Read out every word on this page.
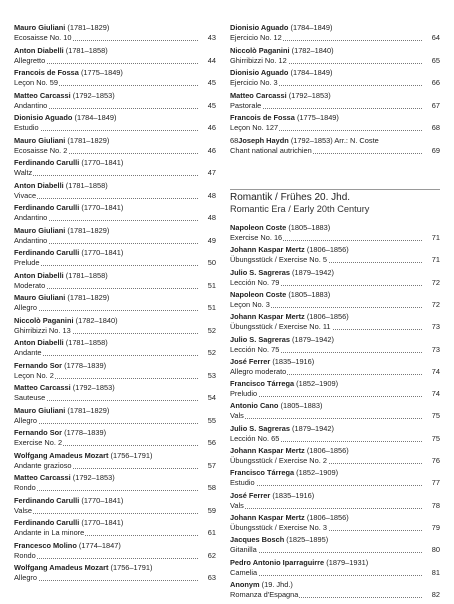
Mauro Giuliani (1781–1829)
Ecosaisse No. 10	43
Anton Diabelli (1781–1858)
Allegretto	44
Francois de Fossa (1775–1849)
Leçon No. 59	45
Matteo Carcassi (1792–1853)
Andantino	45
Dionisio Aguado (1784–1849)
Estudio	46
Mauro Giuliani (1781–1829)
Ecosaisse No. 2	46
Ferdinando Carulli (1770–1841)
Waltz	47
Anton Diabelli (1781–1858)
Vivace	48
Ferdinando Carulli (1770–1841)
Andantino	48
Mauro Giuliani (1781–1829)
Andantino	49
Ferdinando Carulli (1770–1841)
Prelude	50
Anton Diabelli (1781–1858)
Moderato	51
Mauro Giuliani (1781–1829)
Allegro	51
Niccolò Paganini (1782–1840)
Ghirribizzi No. 13	52
Anton Diabelli (1781–1858)
Andante	52
Fernando Sor (1778–1839)
Leçon No. 2	53
Matteo Carcassi (1792–1853)
Sauteuse	54
Mauro Giuliani (1781–1829)
Allegro	55
Fernando Sor (1778–1839)
Exercise No. 2	56
Wolfgang Amadeus Mozart (1756–1791)
Andante grazioso	57
Matteo Carcassi (1792–1853)
Rondo	58
Ferdinando Carulli (1770–1841)
Valse	59
Ferdinando Carulli (1770–1841)
Andante in La minore	61
Francesco Molino (1774–1847)
Rondo	62
Wolfgang Amadeus Mozart (1756–1791)
Allegro	63
Romantik / Frühes 20. Jhd.
Romantic Era / Early 20th Century
Dionisio Aguado (1784–1849)
Ejercicio No. 12	64
Niccolò Paganini (1782–1840)
Ghirribizzi No. 12	65
Dionisio Aguado (1784–1849)
Ejercicio No. 3	66
Matteo Carcassi (1792–1853)
Pastorale	67
Francois de Fossa (1775–1849)
Leçon No. 127	68
68Joseph Haydn (1792–1853) Arr.: N. Coste
Chant national autrichien	69
Napoleon Coste (1805–1883)
Exercise No. 16	71
Johann Kaspar Mertz (1806–1856)
Übungsstück / Exercise No. 5	71
Julio S. Sagreras (1879–1942)
Lección No. 79	72
Napoleon Coste (1805–1883)
Leçon No. 3	72
Johann Kaspar Mertz (1806–1856)
Übungsstück / Exercise No. 11	73
Julio S. Sagreras (1879–1942)
Lección No. 75	73
José Ferrer (1835–1916)
Allegro moderato	74
Francisco Tárrega (1852–1909)
Preludio	74
Antonio Cano (1805–1883)
Vals	75
Julio S. Sagreras (1879–1942)
Lección No. 65	75
Johann Kaspar Mertz (1806–1856)
Übungsstück / Exercise No. 2	76
Francisco Tárrega (1852–1909)
Estudio	77
José Ferrer (1835–1916)
Vals	78
Johann Kaspar Mertz (1806–1856)
Übungsstück / Exercise No. 3	79
Jacques Bosch (1825–1895)
Gitanilla	80
Pedro Antonio Iparraguirre (1879–1931)
Camelia	81
Anonym (19. Jhd.)
Romanza d'Espagna	82
